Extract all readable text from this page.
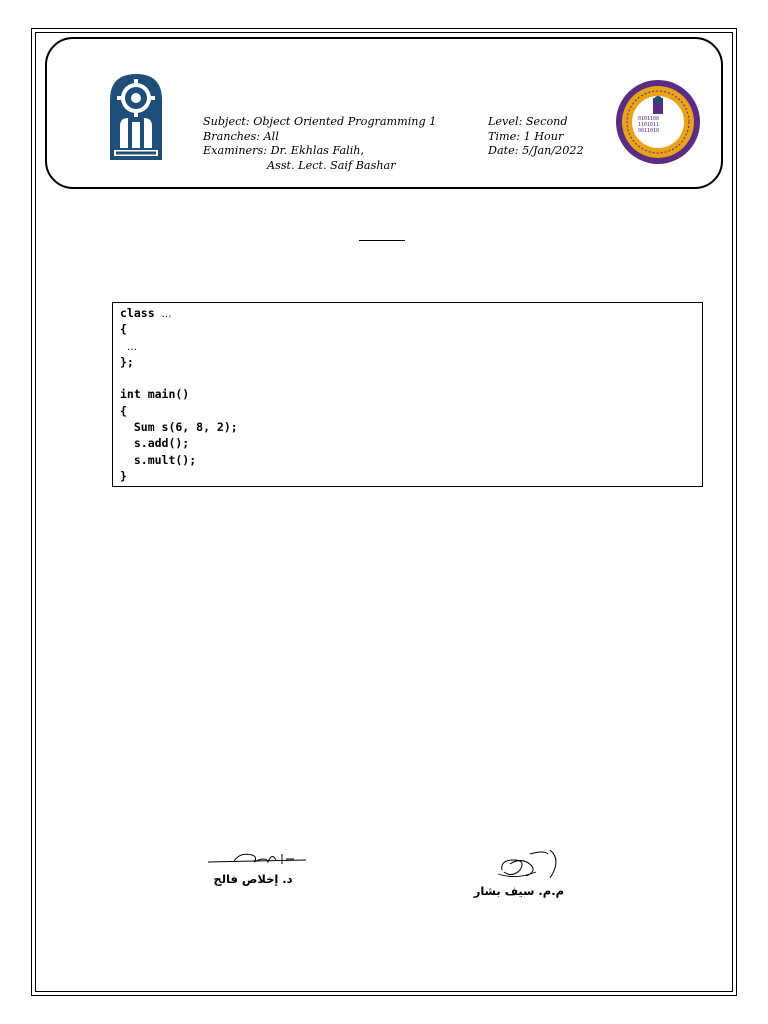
0101100
1101011
0011010
Subject: Object Oriented Programming 1
Branches: All
Examiners: Dr. Ekhlas Falih,
Asst. Lect. Saif Bashar
Level: Second
Time: 1 Hour
Date: 5/Jan/2022
class …
{
…
};
int main()
{
Sum s(6, 8, 2);
s.add();
s.mult();
}
د. إخلاص فالح
م.م. سيف بشار
